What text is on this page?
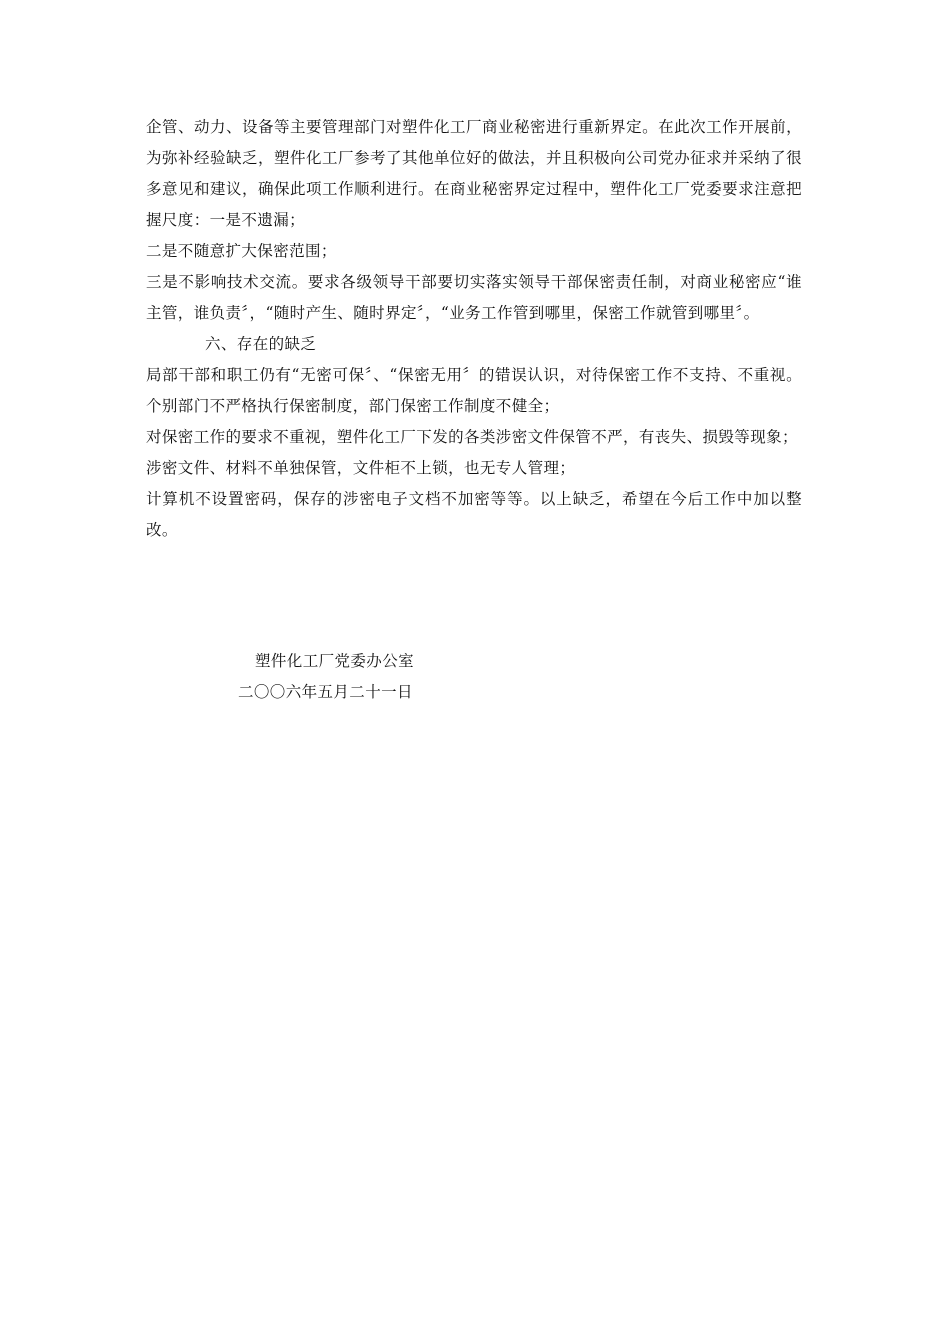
企管、动力、设备等主要管理部门对塑件化工厂商业秘密进行重新界定。在此次工作开展前，为弥补经验缺乏，塑件化工厂参考了其他单位好的做法，并且积极向公司党办征求并采纳了很多意见和建议，确保此项工作顺利进行。在商业秘密界定过程中，塑件化工厂党委要求注意把握尺度：一是不遗漏；

二是不随意扩大保密范围；

三是不影响技术交流。要求各级领导干部要切实落实领导干部保密责任制，对商业秘密应“谁主管，谁负责〞，“随时产生、随时界定〞，“业务工作管到哪里，保密工作就管到哪里〞。

六、存在的缺乏

局部干部和职工仍有“无密可保〞、“保密无用〞的错误认识，对待保密工作不支持、不重视。个别部门不严格执行保密制度，部门保密工作制度不健全；

对保密工作的要求不重视，塑件化工厂下发的各类涉密文件保管不严，有丧失、损毁等现象；

涉密文件、材料不单独保管，文件柜不上锁，也无专人管理；

计算机不设置密码，保存的涉密电子文档不加密等等。以上缺乏，希望在今后工作中加以整改。

塑件化工厂党委办公室

二〇〇六年五月二十一日
